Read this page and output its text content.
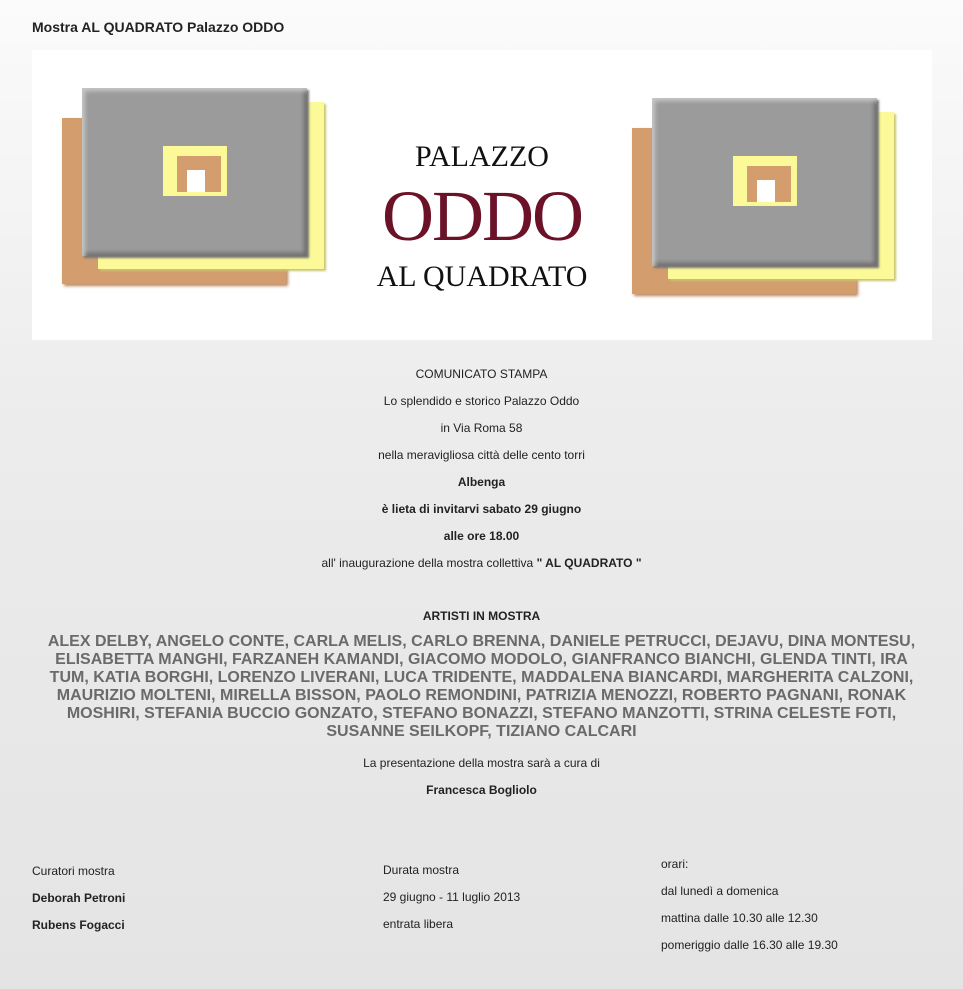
Mostra AL QUADRATO Palazzo ODDO
PALAZZO
ODDO
AL QUADRATO
COMUNICATO STAMPA
Lo splendido e storico Palazzo Oddo
in Via Roma 58
nella meravigliosa città delle cento torri
Albenga
è lieta di invitarvi sabato 29 giugno
alle ore 18.00
all' inaugurazione della mostra collettiva " AL QUADRATO "
ARTISTI IN MOSTRA
ALEX DELBY, ANGELO CONTE, CARLA MELIS, CARLO BRENNA, DANIELE PETRUCCI, DEJAVU, DINA MONTESU, ELISABETTA MANGHI, FARZANEH KAMANDI, GIACOMO MODOLO, GIANFRANCO BIANCHI, GLENDA TINTI, IRA TUM, KATIA BORGHI, LORENZO LIVERANI, LUCA TRIDENTE, MADDALENA BIANCARDI, MARGHERITA CALZONI, MAURIZIO MOLTENI, MIRELLA BISSON, PAOLO REMONDINI, PATRIZIA MENOZZI, ROBERTO PAGNANI, RONAK MOSHIRI, STEFANIA BUCCIO GONZATO, STEFANO BONAZZI, STEFANO MANZOTTI, STRINA CELESTE FOTI, SUSANNE SEILKOPF, TIZIANO CALCARI
La presentazione della mostra sarà a cura di
Francesca Bogliolo
Curatori mostra
Deborah Petroni
Rubens Fogacci
Durata mostra
29 giugno - 11 luglio 2013
entrata libera
orari:
dal lunedì a domenica
mattina dalle 10.30 alle 12.30
pomeriggio dalle 16.30 alle 19.30
